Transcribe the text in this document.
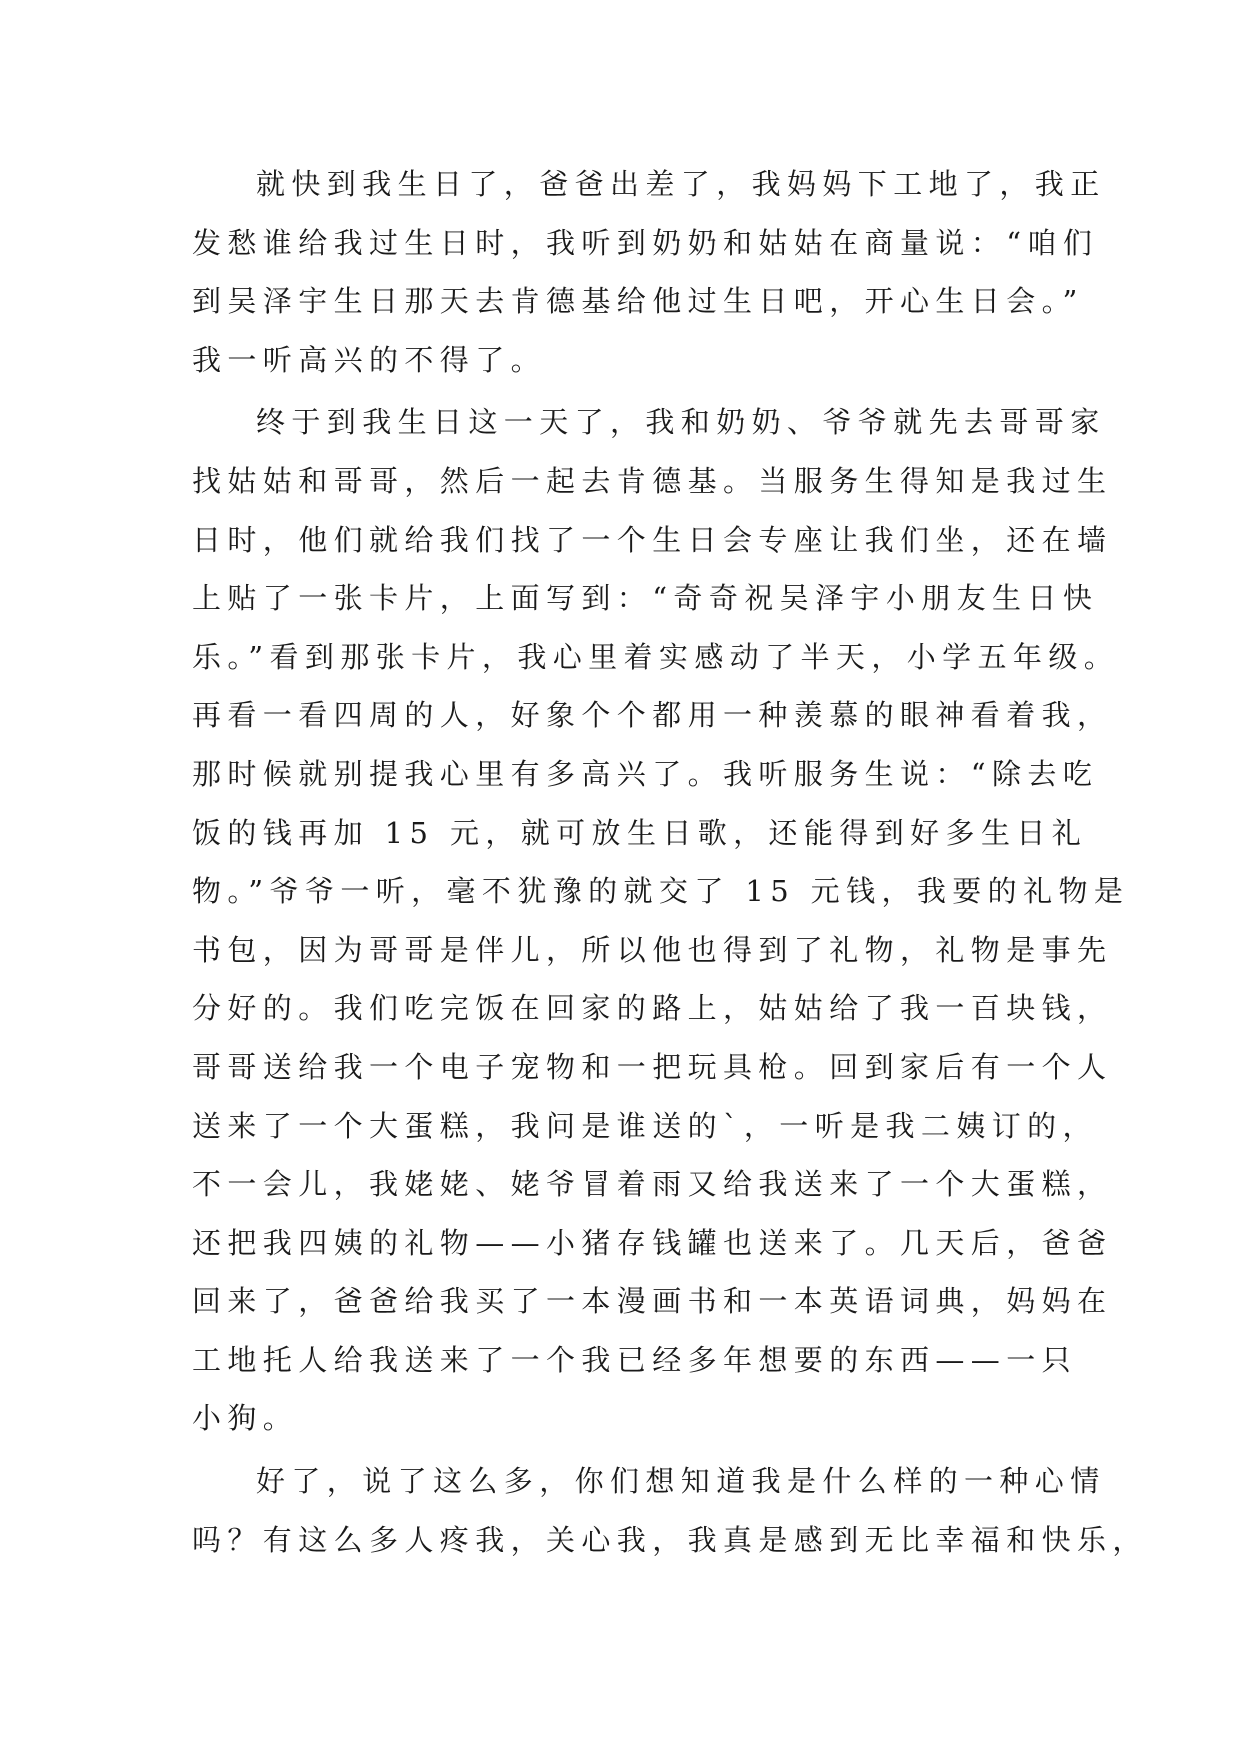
就快到我生日了，爸爸出差了，我妈妈下工地了，我正
发愁谁给我过生日时，我听到奶奶和姑姑在商量说：“咱们
到吴泽宇生日那天去肯德基给他过生日吧，开心生日会。”
我一听高兴的不得了。

终于到我生日这一天了，我和奶奶、爷爷就先去哥哥家
找姑姑和哥哥，然后一起去肯德基。当服务生得知是我过生
日时，他们就给我们找了一个生日会专座让我们坐，还在墙
上贴了一张卡片，上面写到：“奇奇祝吴泽宇小朋友生日快
乐。”看到那张卡片，我心里着实感动了半天，小学五年级。
再看一看四周的人，好象个个都用一种羡慕的眼神看着我，
那时候就别提我心里有多高兴了。我听服务生说：“除去吃
饭的钱再加 15 元，就可放生日歌，还能得到好多生日礼
物。”爷爷一听，毫不犹豫的就交了 15 元钱，我要的礼物是
书包，因为哥哥是伴儿，所以他也得到了礼物，礼物是事先
分好的。我们吃完饭在回家的路上，姑姑给了我一百块钱，
哥哥送给我一个电子宠物和一把玩具枪。回到家后有一个人
送来了一个大蛋糕，我问是谁送的`，一听是我二姨订的，
不一会儿，我姥姥、姥爷冒着雨又给我送来了一个大蛋糕，
还把我四姨的礼物——小猪存钱罐也送来了。几天后，爸爸
回来了，爸爸给我买了一本漫画书和一本英语词典，妈妈在
工地托人给我送来了一个我已经多年想要的东西——一只
小狗。

好了，说了这么多，你们想知道我是什么样的一种心情
吗？有这么多人疼我，关心我，我真是感到无比幸福和快乐，
